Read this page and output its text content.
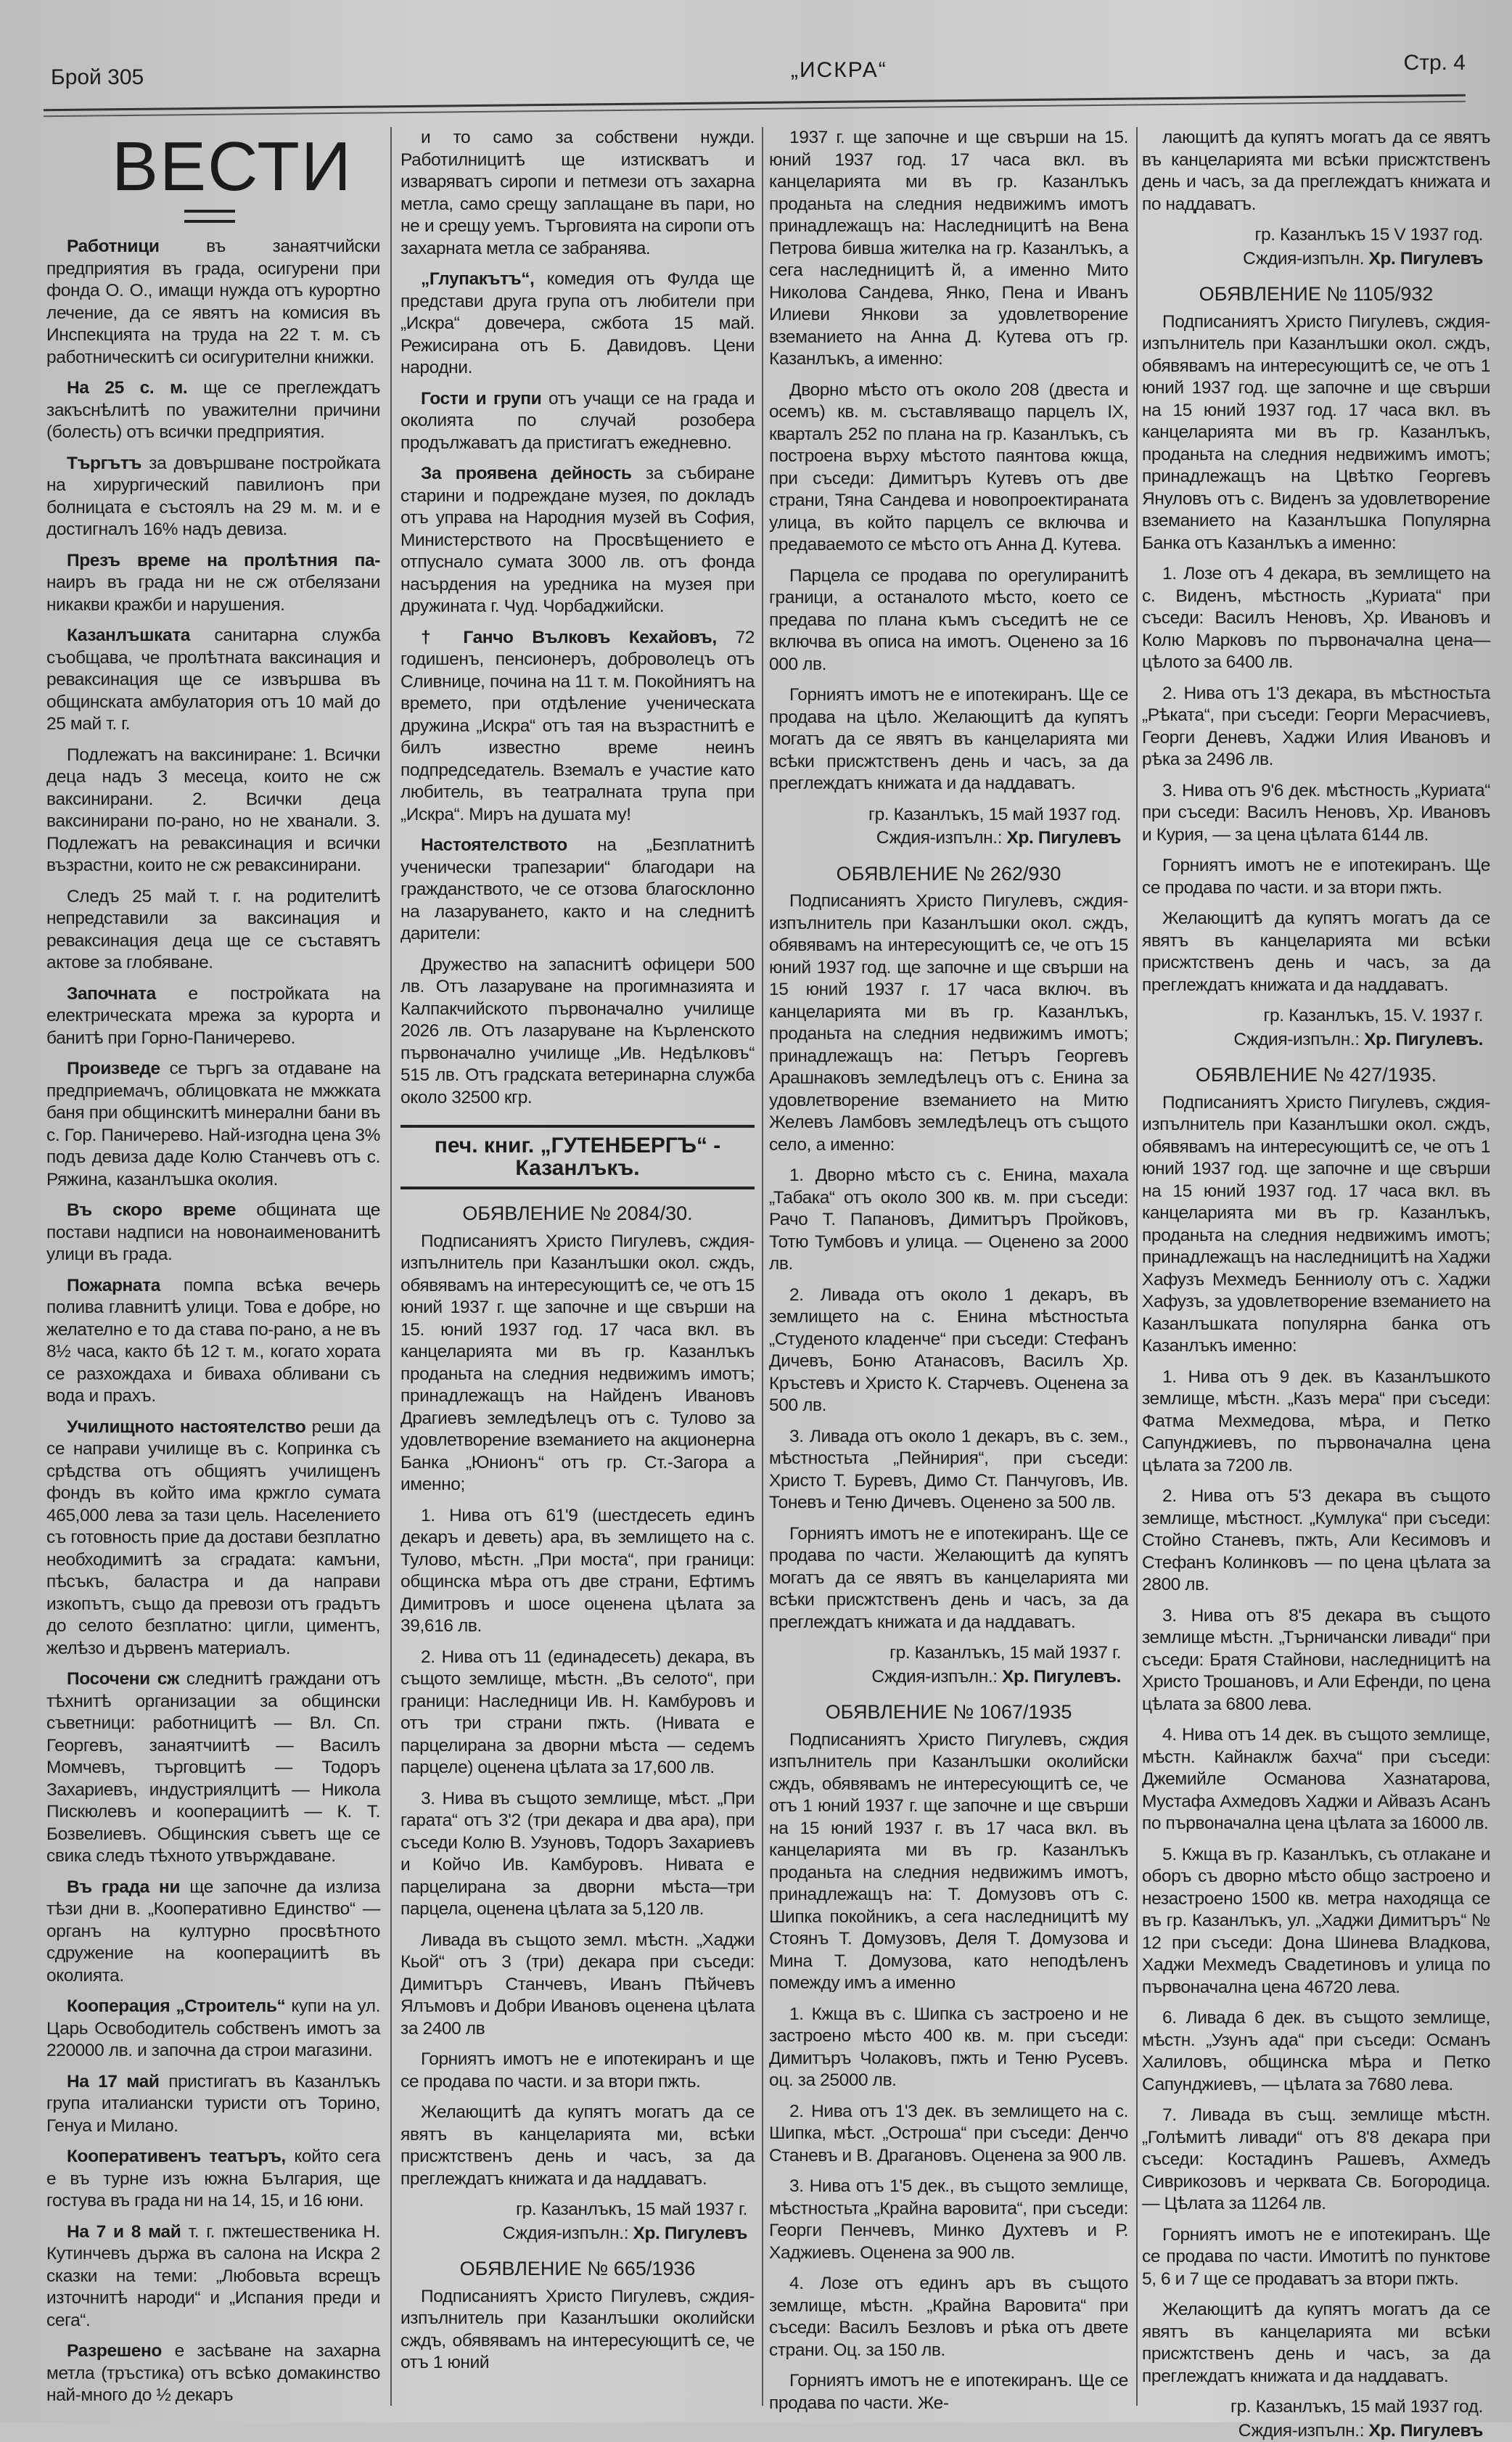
Брой 305	„ИСКРА“	Стр. 4
ВЕСТИ

Работници въ занаятчийски предприятия въ града, осигурени при фонда О. О., имащи нужда отъ курортно лечение, да се явятъ на комисия въ Инспекцията на труда на 22 т. м. съ работническитѣ си осигурителни книжки.

На 25 с. м. ще се преглеждатъ закъснѣлитѣ по уважителни причини (болесть) отъ всички предприятия.

Търгътъ за довършване постройката на хирургический павилионъ при болницата е състоялъ на 29 м. м. и е достигналъ 16% надъ девиза.

Презъ време на пролѣтния па-наиръ въ града ни не сж отбелязани никакви кражби и нарушения.

Казанлъшката санитарна служба съобщава, че пролѣтната ваксинация и реваксинация ще се извършва въ общинската амбулатория отъ 10 май до 25 май т. г.

Подлежатъ на ваксиниране: 1. Всички деца надъ 3 месеца, които не сж ваксинирани. 2. Всички деца ваксинирани по-рано, но не хванали. 3. Подлежатъ на реваксинация и всички възрастни, които не сж реваксинирани.

Следъ 25 май т. г. на родителитѣ непредставили за ваксинация и реваксинация деца ще се съставятъ актове за глобяване.

Започната е постройката на електрическата мрежа за курорта и банитѣ при Горно-Паничерево.

Произведе се търгъ за отдаване на предприемачъ, облицовката не мжжката баня при общинскитѣ минерални бани въ с. Гор. Паничерево. Най-изгодна цена 3% подъ девиза даде Колю Станчевъ отъ с. Ряжина, казанлъшка околия.

Въ скоро време общината ще постави надписи на новонаименованитѣ улици въ града.

Пожарната помпа всѣка вечерь полива главнитѣ улици. Това е добре, но желателно е то да става по-рано, а не въ 8½ часа, както бѣ 12 т. м., когато хората се разхождаха и биваха обливани съ вода и прахъ.

Училищното настоятелство реши да се направи училище въ с. Копринка съ срѣдства отъ общиятъ училищенъ фондъ въ който има кржгло сумата 465,000 лева за тази цель. Населението съ готовность прие да достави безплатно необходимитѣ за сградата: камъни, пѣсъкъ, баластра и да направи изкопътъ, също да превози отъ градътъ до селото безплатно: цигли, циментъ, желѣзо и дървенъ материалъ.

Посочени сж следнитѣ граждани отъ тѣхнитѣ организации за общински съветници: работницитѣ — Вл. Сп. Георгевъ, занаятчиитѣ — Василъ Момчевъ, търговцитѣ — Тодоръ Захариевъ, индустриялцитѣ — Никола Пискюлевъ и кооперациитѣ — К. Т. Бозвелиевъ. Общинския съветъ ще се свика следъ тѣхното утвърждаване.

Въ града ни ще започне да излиза тѣзи дни в. „Кооперативно Единство“ — органъ на културно просвѣтното сдружение на кооперациитѣ въ околията.

Кооперация „Строитель“ купи на ул. Царь Освободитель собственъ имотъ за 220000 лв. и започна да строи магазини.

На 17 май пристигатъ въ Казанлъкъ група италиански туристи отъ Торино, Генуа и Милано.

Кооперативенъ театъръ, който сега е въ турне изъ южна България, ще гостува въ града ни на 14, 15, и 16 юни.

На 7 и 8 май т. г. пжтешественика Н. Кутинчевъ държа въ салона на Искра 2 сказки на теми: „Любовьта всрещъ източнитѣ народи“ и „Испания преди и сега“.

Разрешено е засѣване на захарна метла (тръстика) отъ всѣко домакинство най-много до ½ декаръ

и то само за собствени нужди. Работилницитѣ ще изтискватъ и изваряватъ сиропи и петмези отъ захарна метла, само срещу заплащане въ пари, но не и срещу уемъ. Търговията на сиропи отъ захарната метла се забранява.

„Глупакътъ“, комедия отъ Фулда ще представи друга група отъ любители при „Искра“ довечера, сжбота 15 май. Режисирана отъ Б. Давидовъ. Цени народни.

Гости и групи отъ учащи се на града и околията по случай розобера продължаватъ да пристигатъ ежедневно.

За проявена дейность за събиране старини и подреждане музея, по докладъ отъ управа на Народния музей въ София, Министерството на Просвѣщението е отпуснало сумата 3000 лв. отъ фонда насърдения на уредника на музея при дружината г. Чуд. Чорбаджийски.

† Ганчо Вълковъ Кехайовъ, 72 годишенъ, пенсионеръ, доброволецъ отъ Сливнице, почина на 11 т. м. Покойниятъ на времето, при отдѣление ученическата дружина „Искра“ отъ тая на възрастнитѣ е билъ известно време неинъ подпредседатель. Вземалъ е участие като любитель, въ театралната трупа при „Искра“. Миръ на душата му!

Настоятелството на „Безплатнитѣ ученически трапезарии“ благодари на гражданството, че се отзова благосклонно на лазаруването, както и на следнитѣ дарители:

Дружество на запаснитѣ офицери 500 лв. Отъ лазаруване на прогимназията и Калпакчийското първоначално училище 2026 лв. Отъ лазаруване на Кърленското първоначално училище „Ив. Недѣлковъ“ 515 лв. Отъ градската ветеринарна служба около 32500 кгр.

печ. книг. „ГУТЕНБЕРГЪ“ - Казанлъкъ.
ОБЯВЛЕНИЕ № 2084/30.

Подписаниятъ Христо Пигулевъ, сждия-изпълнитель при Казанлъшки окол. сждъ, обявявамъ на интересующитѣ се, че отъ 15 юний 1937 г. ще започне и ще свърши на 15. юний 1937 год. 17 часа вкл. въ канцеларията ми въ гр. Казанлъкъ проданьта на следния недвижимъ имотъ; принадлежащъ на Найденъ Ивановъ Драгиевъ земледѣлецъ отъ с. Тулово за удовлетворение вземанието на акционерна Банка „Юнионъ“ отъ гр. Ст.-Загора а именно;

1. Нива отъ 61'9 (шестдесеть единъ декаръ и деветь) ара, въ землището на с. Тулово, мѣстн. „При моста“, при граници: общинска мѣра отъ две страни, Ефтимъ Димитровъ и шосе оценена цѣлата за 39,616 лв.

2. Нива отъ 11 (единадесеть) декара, въ същото землище, мѣстн. „Въ селото“, при граници: Наследници Ив. Н. Камбуровъ и отъ три страни пжть. (Нивата е парцелирана за дворни мѣста — седемъ парцеле) оценена цѣлата за 17,600 лв.

3. Нива въ същото землище, мѣст. „При гарата“ отъ 3'2 (три декара и два ара), при съседи Колю В. Узуновъ, Тодоръ Захариевъ и Койчо Ив. Камбуровъ. Нивата е парцелирана за дворни мѣста—три парцела, оценена цѣлата за 5,120 лв.

Ливада въ същото земл. мѣстн. „Хаджи Кьой“ отъ 3 (три) декара при съседи: Димитъръ Станчевъ, Иванъ Пѣйчевъ Ялъмовъ и Добри Ивановъ оценена цѣлата за 2400 лв

Горниятъ имотъ не е ипотекиранъ и ще се продава по части. и за втори пжть.

Желающитѣ да купятъ могатъ да се явятъ въ канцеларията ми, всѣки присжтственъ день и часъ, за да преглеждатъ книжата и да наддаватъ.

гр. Казанлъкъ, 15 май 1937 г.
Сждия-изпълн.: Хр. Пигулевъ
ОБЯВЛЕНИЕ № 665/1936

Подписаниятъ Христо Пигулевъ, сждия-изпълнитель при Казанлъшки околийски сждъ, обявявамъ на интересующитѣ се, че отъ 1 юний

1937 г. ще започне и ще свърши на 15. юний 1937 год. 17 часа вкл. въ канцеларията ми въ гр. Казанлъкъ проданьта на следния недвижимъ имотъ принадлежащъ на: Наследницитѣ на Вена Петрова бивша жителка на гр. Казанлъкъ, а сега наследницитѣ й, а именно Мито Николова Сандева, Янко, Пена и Иванъ Илиеви Янкови за удовлетворение вземанието на Анна Д. Кутева отъ гр. Казанлъкъ, а именно:

Дворно мѣсто отъ около 208 (двеста и осемъ) кв. м. съставляващо парцелъ IX, кварталъ 252 по плана на гр. Казанлъкъ, съ построена върху мѣстото паянтова кжща, при съседи: Димитъръ Кутевъ отъ две страни, Тяна Сандева и новопроектираната улица, въ който парцелъ се включва и предаваемото се мѣсто отъ Анна Д. Кутева.

Парцела се продава по орегулиранитѣ граници, а останалото мѣсто, което се предава по плана къмъ съседитѣ не се включва въ описа на имотъ. Оценено за 16 000 лв.

Горниятъ имотъ не е ипотекиранъ. Ще се продава на цѣло. Желающитѣ да купятъ могатъ да се явятъ въ канцеларията ми всѣки присжтственъ день и часъ, за да преглеждатъ книжата и да наддаватъ.

гр. Казанлъкъ, 15 май 1937 год.
Сждия-изпълн.: Хр. Пигулевъ
ОБЯВЛЕНИЕ № 262/930

Подписаниятъ Христо Пигулевъ, сждия-изпълнитель при Казанлъшки окол. сждъ, обявявамъ на интересующитѣ се, че отъ 15 юний 1937 год. ще започне и ще свърши на 15 юний 1937 г. 17 часа включ. въ канцеларията ми въ гр. Казанлъкъ, проданьта на следния недвижимъ имотъ; принадлежащъ на: Петъръ Георгевъ Арашнаковъ земледѣлецъ отъ с. Енина за удовлетворение вземанието на Митю Желевъ Ламбовъ земледѣлецъ отъ същото село, а именно:

1. Дворно мѣсто съ с. Енина, махала „Табака“ отъ около 300 кв. м. при съседи: Рачо Т. Папановъ, Димитъръ Пройковъ, Тотю Тумбовъ и улица. — Оценено за 2000 лв.

2. Ливада отъ около 1 декаръ, въ землището на с. Енина мѣстностьта „Студеното кладенче“ при съседи: Стефанъ Дичевъ, Боню Атанасовъ, Василъ Хр. Кръстевъ и Христо К. Старчевъ. Оценена за 500 лв.

3. Ливада отъ около 1 декаръ, въ с. зем., мѣстностьта „Пейнирия“, при съседи: Христо Т. Буревъ, Димо Ст. Панчуговъ, Ив. Тоневъ и Теню Дичевъ. Оценено за 500 лв.

Горниятъ имотъ не е ипотекиранъ. Ще се продава по части. Желающитѣ да купятъ могатъ да се явятъ въ канцеларията ми всѣки присжтственъ день и часъ, за да преглеждатъ книжата и да наддаватъ.

гр. Казанлъкъ, 15 май 1937 г.
Сждия-изпълн.: Хр. Пигулевъ.
ОБЯВЛЕНИЕ № 1067/1935

Подписаниятъ Христо Пигулевъ, сждия изпълнитель при Казанлъшки околийски сждъ, обявявамъ не интересующитѣ се, че отъ 1 юний 1937 г. ще започне и ще свърши на 15 юний 1937 г. въ 17 часа вкл. въ канцеларията ми въ гр. Казанлъкъ проданьта на следния недвижимъ имотъ, принадлежащъ на: Т. Домузовъ отъ с. Шипка покойникъ, а сега наследницитѣ му Стоянъ Т. Домузовъ, Деля Т. Домузова и Мина Т. Домузова, като неподѣленъ помежду имъ а именно

1. Кжща въ с. Шипка съ застроено и не застроено мѣсто 400 кв. м. при съседи: Димитъръ Чолаковъ, пжть и Теню Русевъ. оц. за 25000 лв.

2. Нива отъ 1'3 дек. въ землището на с. Шипка, мѣст. „Острoша“ при съседи: Денчо Станевъ и В. Драгановъ. Оценена за 900 лв.

3. Нива отъ 1'5 дек., въ същото землище, мѣстностьта „Крайна варовита“, при съседи: Георги Пенчевъ, Минко Духтевъ и Р. Хаджиевъ. Оценена за 900 лв.

4. Лозе отъ единъ аръ въ същото землище, мѣстн. „Крайна Варовита“ при съседи: Василъ Безловъ и рѣка отъ двете страни. Оц. за 150 лв.

Горниятъ имотъ не е ипотекиранъ. Ще се продава по части. Же-

лающитѣ да купятъ могатъ да се явятъ въ канцеларията ми всѣки присжтственъ день и часъ, за да преглеждатъ книжата и по наддаватъ.

гр. Казанлъкъ 15 V 1937 год.
Сждия-изпълн. Хр. Пигулевъ
ОБЯВЛЕНИЕ № 1105/932

Подписаниятъ Христо Пигулевъ, сждия-изпълнитель при Казанлъшки окол. сждъ, обявявамъ на интересующитѣ се, че отъ 1 юний 1937 год. ще започне и ще свърши на 15 юний 1937 год. 17 часа вкл. въ канцеларията ми въ гр. Казанлъкъ, проданьта на следния недвижимъ имотъ; принадлежащъ на Цвѣтко Георгевъ Януловъ отъ с. Виденъ за удовлетворение вземанието на Казанлъшка Популярна Банка отъ Казанлъкъ а именно:

1. Лозе отъ 4 декара, въ землището на с. Виденъ, мѣстность „Куриата“ при съседи: Василъ Неновъ, Хр. Ивановъ и Колю Марковъ по първоначална цена—цѣлото за 6400 лв.

2. Нива отъ 1'3 декара, въ мѣстностьта „Рѣката“, при съседи: Георги Мерасчиевъ, Георги Деневъ, Хаджи Илия Ивановъ и рѣка за 2496 лв.

3. Нива отъ 9'6 дек. мѣстность „Куриата“ при съседи: Василъ Неновъ, Хр. Ивановъ и Курия, — за цена цѣлата 6144 лв.

Горниятъ имотъ не е ипотекиранъ. Ще се продава по части. и за втори пжть.

Желающитѣ да купятъ могатъ да се явятъ въ канцеларията ми всѣки присжтственъ день и часъ, за да преглеждатъ книжата и да наддаватъ.

гр. Казанлъкъ, 15. V. 1937 г.
Сждия-изпълн.: Хр. Пигулевъ.
ОБЯВЛЕНИЕ № 427/1935.

Подписаниятъ Христо Пигулевъ, сждия-изпълнитель при Казанлъшки окол. сждъ, обявявамъ на интересующитѣ се, че отъ 1 юний 1937 год. ще започне и ще свърши на 15 юний 1937 год. 17 часа вкл. въ канцеларията ми въ гр. Казанлъкъ, проданьта на следния недвижимъ имотъ; принадлежащъ на наследницитѣ на Хаджи Хафузъ Мехмедъ Бенниолу отъ с. Хаджи Хафузъ, за удовлетворение вземанието на Казанлъшката популярна банка отъ Казанлъкъ именно:

1. Нива отъ 9 дек. въ Казанлъшкото землище, мѣстн. „Казъ мера“ при съседи: Фатма Мехмедова, мѣра, и Петко Сапунджиевъ, по първоначална цена цѣлата за 7200 лв.

2. Нива отъ 5'3 декара въ същото землище, мѣстност. „Кумлука“ при съседи: Стойно Станевъ, пжть, Али Кесимовъ и Стефанъ Колинковъ — по цена цѣлата за 2800 лв.

3. Нива отъ 8'5 декара въ същото землище мѣстн. „Търничански ливади“ при съседи: Братя Стайнови, наследницитѣ на Христо Трошановъ, и Али Ефенди, по цена цѣлата за 6800 лева.

4. Нива отъ 14 дек. въ същото землище, мѣстн. Кайнаклж бахча“ при съседи: Джемийле Османова Хазнатарова, Мустафа Ахмедовъ Хаджи и Айвазъ Асанъ по първоначална цена цѣлата за 16000 лв.

5. Кжща въ гр. Казанлъкъ, съ отлакане и оборъ съ дворно мѣсто общо застроено и незастроено 1500 кв. метра находяща се въ гр. Казанлъкъ, ул. „Хаджи Димитъръ“ № 12 при съседи: Дона Шинева Владкова, Хаджи Мехмедъ Свадетиновъ и улица по първоначална цена 46720 лева.

6. Ливада 6 дек. въ същото землище, мѣстн. „Узунъ ада“ при съседи: Османъ Халиловъ, общинска мѣра и Петко Сапунджиевъ, — цѣлата за 7680 лева.

7. Ливада въ същ. землище мѣстн. „Голѣмитѣ ливади“ отъ 8'8 декара при съседи: Костадинъ Рашевъ, Ахмедъ Сиврикозовъ и черквата Св. Богородица. — Цѣлата за 11264 лв.

Горниятъ имотъ не е ипотекиранъ. Ще се продава по части. Имотитѣ по пунктове 5, 6 и 7 ще се продаватъ за втори пжть.

Желающитѣ да купятъ могатъ да се явятъ въ канцеларията ми всѣки присжтственъ день и часъ, за да преглеждатъ книжата и да наддаватъ.

гр. Казанлъкъ, 15 май 1937 год.
Сждия-изпълн.: Хр. Пигулевъ
